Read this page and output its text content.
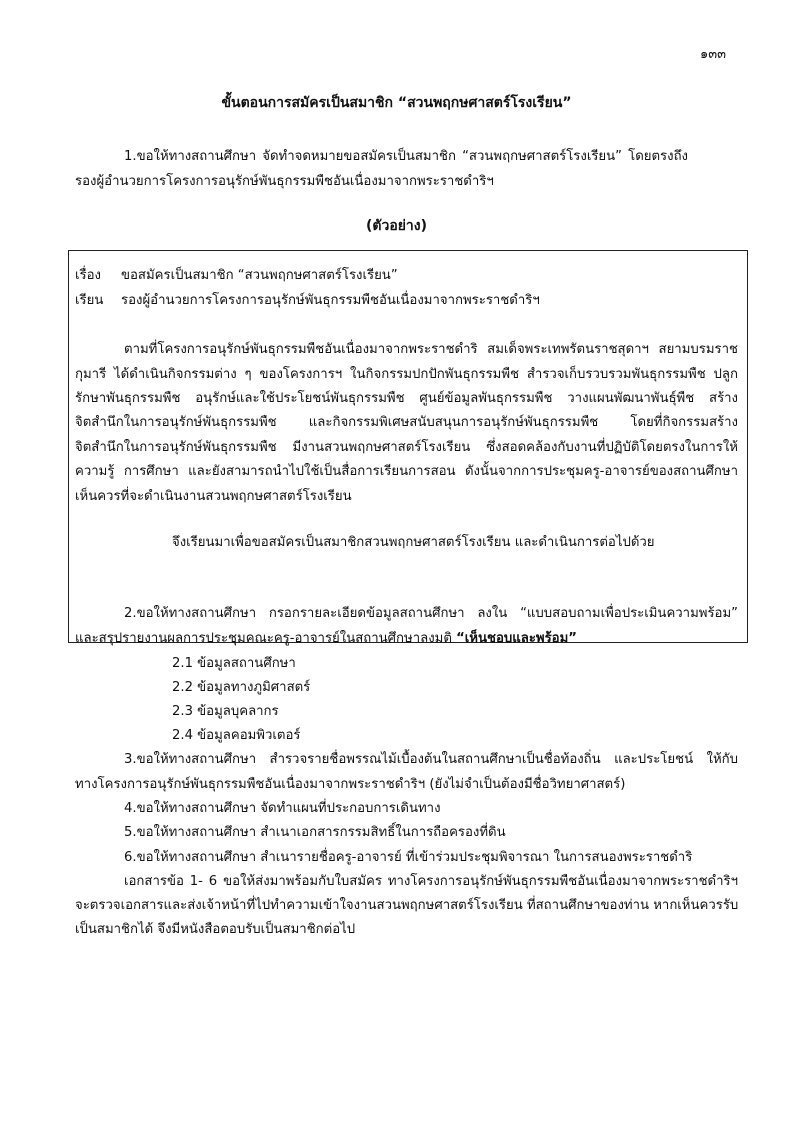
๑๓๓
ขั้นตอนการสมัครเป็นสมาชิก “สวนพฤกษศาสตร์โรงเรียน”
1.ขอให้ทางสถานศึกษา จัดทำจดหมายขอสมัครเป็นสมาชิก “สวนพฤกษศาสตร์โรงเรียน” โดยตรงถึง
รองผู้อำนวยการโครงการอนุรักษ์พันธุกรรมพืชอันเนื่องมาจากพระราชดำริฯ
(ตัวอย่าง)
เรื่อง ขอสมัครเป็นสมาชิก “สวนพฤกษศาสตร์โรงเรียน”
เรียน รองผู้อำนวยการโครงการอนุรักษ์พันธุกรรมพืชอันเนื่องมาจากพระราชดำริฯ
ตามที่โครงการอนุรักษ์พันธุกรรมพืชอันเนื่องมาจากพระราชดำริ สมเด็จพระเทพรัตนราชสุดาฯ สยามบรมราช
กุมารี ได้ดำเนินกิจกรรมต่าง ๆ ของโครงการฯ ในกิจกรรมปกปักพันธุกรรมพืช สำรวจเก็บรวบรวมพันธุกรรมพืช ปลูก
รักษาพันธุกรรมพืช อนุรักษ์และใช้ประโยชน์พันธุกรรมพืช ศูนย์ข้อมูลพันธุกรรมพืช วางแผนพัฒนาพันธุ์พืช สร้าง
จิตสำนึกในการอนุรักษ์พันธุกรรมพืช และกิจกรรมพิเศษสนับสนุนการอนุรักษ์พันธุกรรมพืช โดยที่กิจกรรมสร้าง
จิตสำนึกในการอนุรักษ์พันธุกรรมพืช มีงานสวนพฤกษศาสตร์โรงเรียน ซึ่งสอดคล้องกับงานที่ปฏิบัติโดยตรงในการให้
ความรู้ การศึกษา และยังสามารถนำไปใช้เป็นสื่อการเรียนการสอน ดังนั้นจากการประชุมครู-อาจารย์ของสถานศึกษา
เห็นควรที่จะดำเนินงานสวนพฤกษศาสตร์โรงเรียน
จึงเรียนมาเพื่อขอสมัครเป็นสมาชิกสวนพฤกษศาสตร์โรงเรียน และดำเนินการต่อไปด้วย
2.ขอให้ทางสถานศึกษา กรอกรายละเอียดข้อมูลสถานศึกษา ลงใน “แบบสอบถามเพื่อประเมินความพร้อม”
และสรุปรายงานผลการประชุมคณะครู-อาจารย์ในสถานศึกษาลงมติ “เห็นชอบและพร้อม”
2.1 ข้อมูลสถานศึกษา
2.2 ข้อมูลทางภูมิศาสตร์
2.3 ข้อมูลบุคลากร
2.4 ข้อมูลคอมพิวเตอร์
3.ขอให้ทางสถานศึกษา สำรวจรายชื่อพรรณไม้เบื้องต้นในสถานศึกษาเป็นชื่อท้องถิ่น และประโยชน์ ให้กับ
ทางโครงการอนุรักษ์พันธุกรรมพืชอันเนื่องมาจากพระราชดำริฯ (ยังไม่จำเป็นต้องมีชื่อวิทยาศาสตร์)
4.ขอให้ทางสถานศึกษา จัดทำแผนที่ประกอบการเดินทาง
5.ขอให้ทางสถานศึกษา สำเนาเอกสารกรรมสิทธิ์ในการถือครองที่ดิน
6.ขอให้ทางสถานศึกษา สำเนารายชื่อครู-อาจารย์ ที่เข้าร่วมประชุมพิจารณา ในการสนองพระราชดำริ
เอกสารข้อ 1- 6 ขอให้ส่งมาพร้อมกับใบสมัคร ทางโครงการอนุรักษ์พันธุกรรมพืชอันเนื่องมาจากพระราชดำริฯ
จะตรวจเอกสารและส่งเจ้าหน้าที่ไปทำความเข้าใจงานสวนพฤกษศาสตร์โรงเรียน ที่สถานศึกษาของท่าน หากเห็นควรรับ
เป็นสมาชิกได้ จึงมีหนังสือตอบรับเป็นสมาชิกต่อไป
